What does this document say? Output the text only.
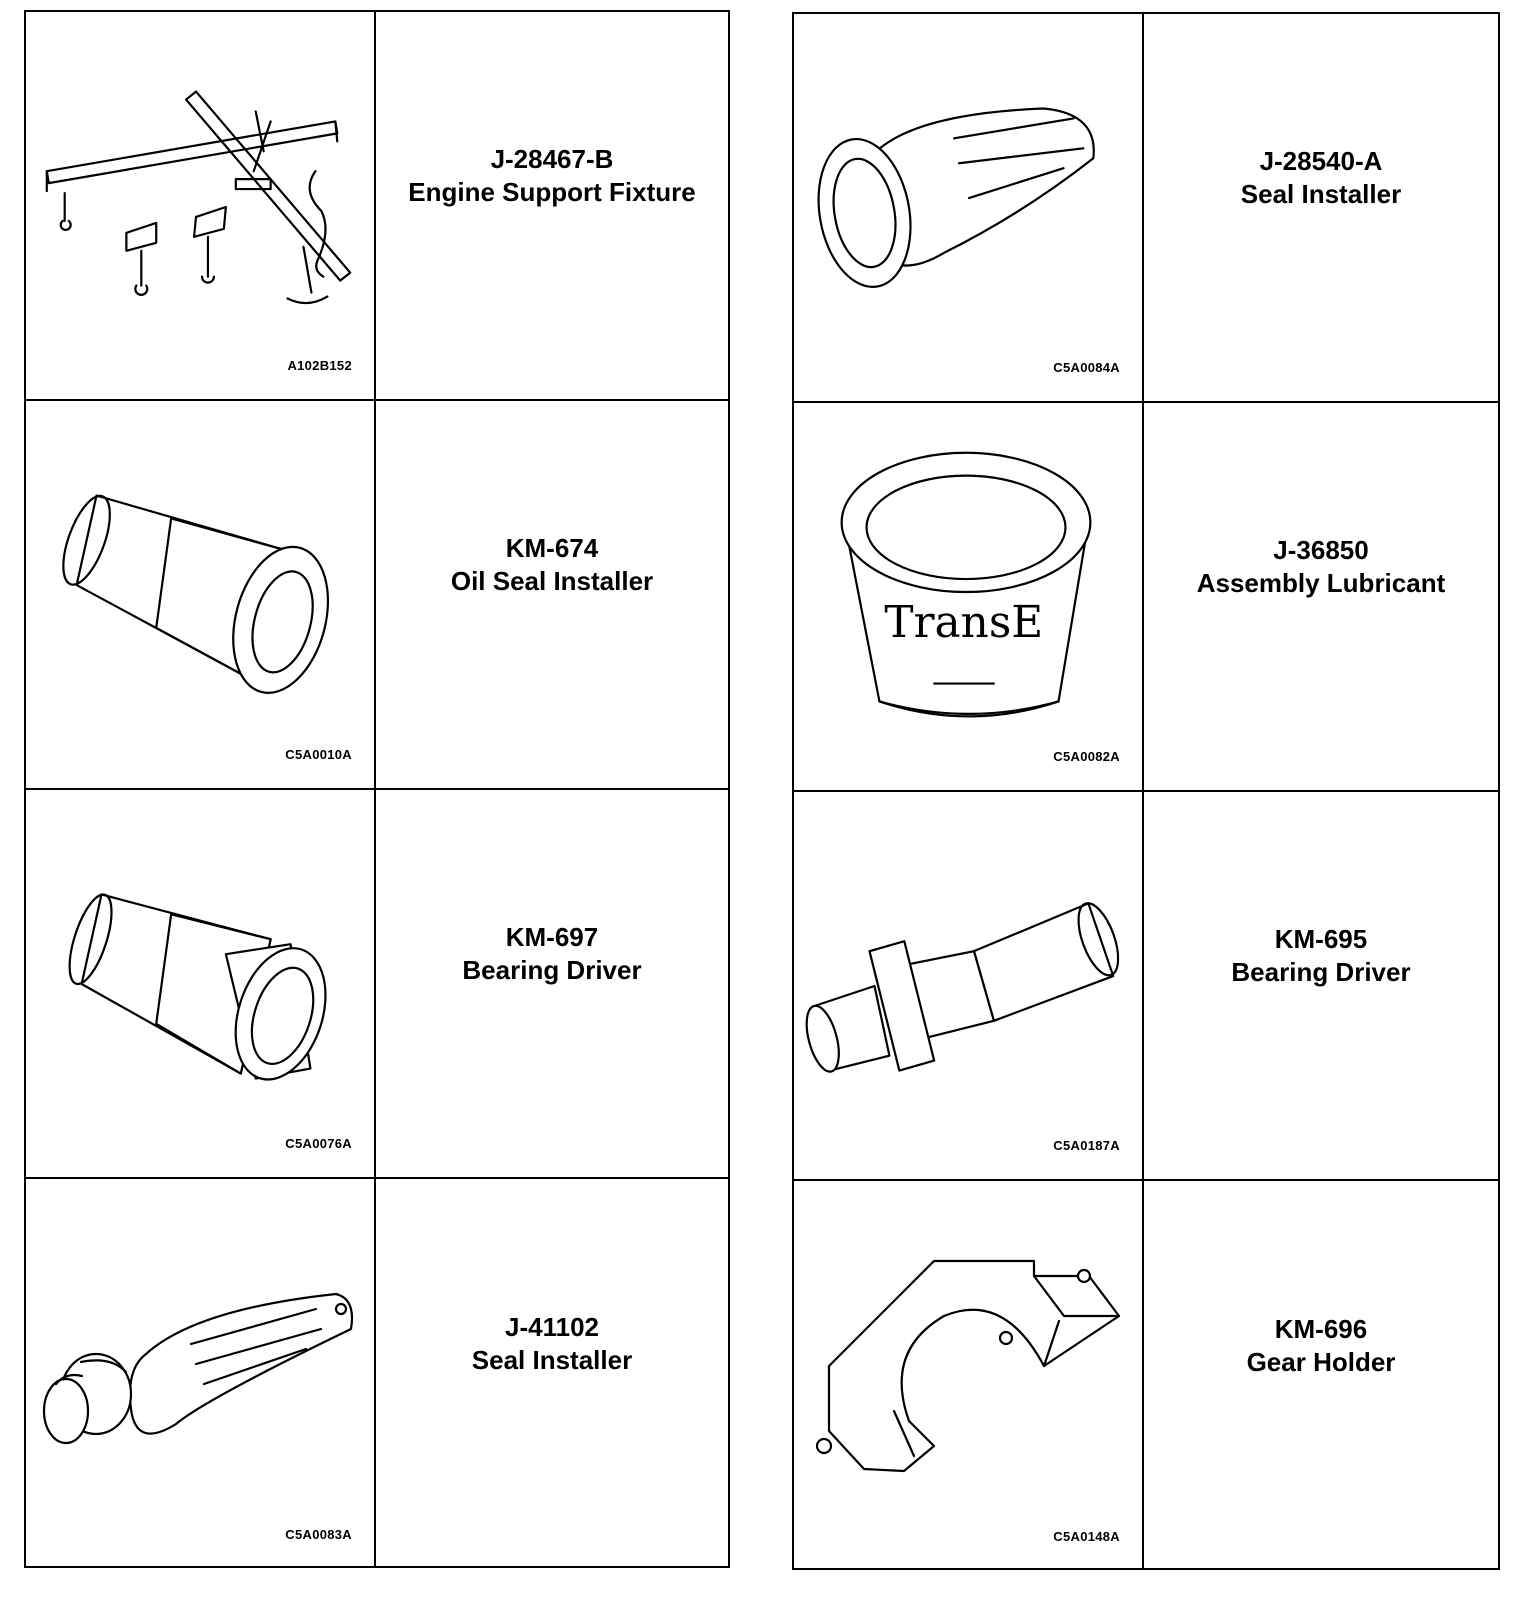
A102B152
J-28467-B
Engine Support Fixture
C5A0010A
KM-674
Oil Seal Installer
C5A0076A
KM-697
Bearing Driver
C5A0083A
J-41102
Seal Installer
C5A0084A
J-28540-A
Seal Installer
TransE
C5A0082A
J-36850
Assembly Lubricant
C5A0187A
KM-695
Bearing Driver
C5A0148A
KM-696
Gear Holder
